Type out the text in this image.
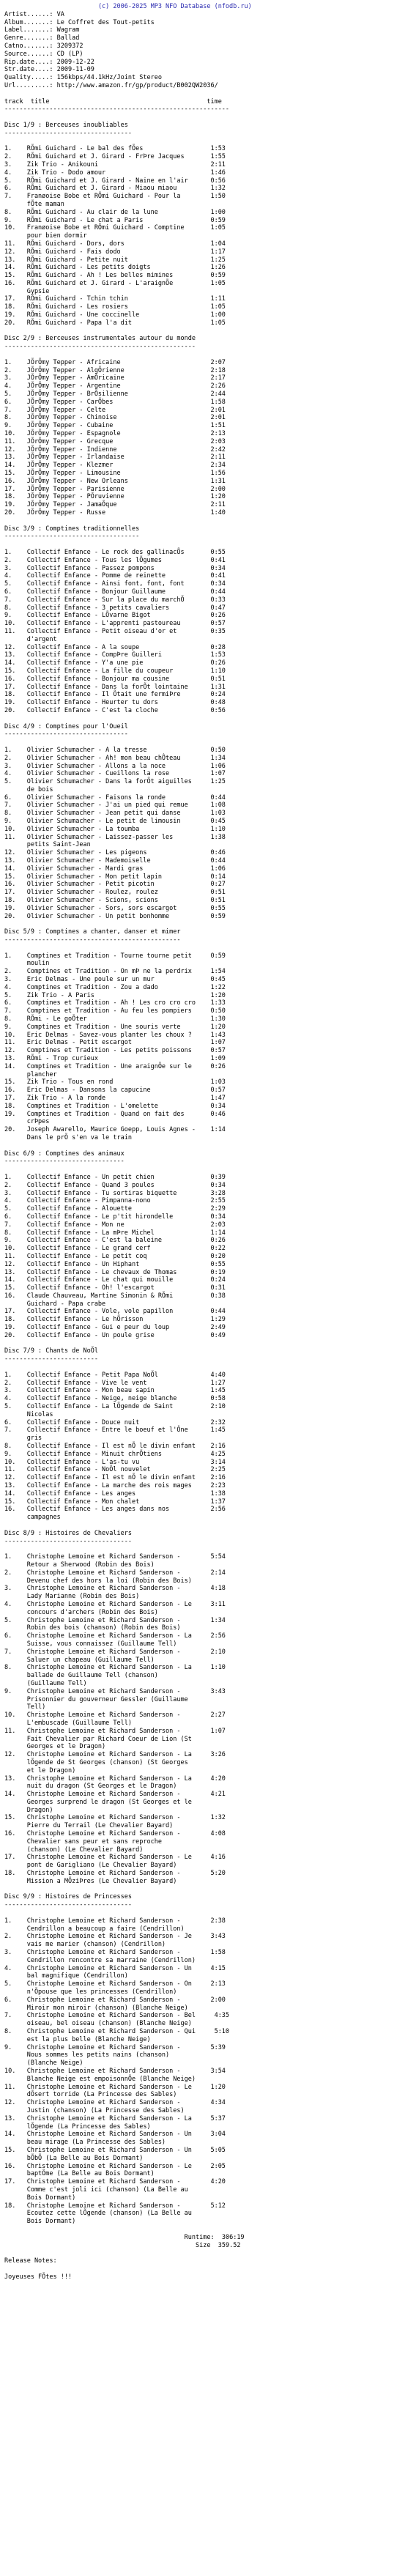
(c) 2006-2025 MP3 NFO Database (nfodb.ru)
Artist......: VA
Album.......: Le Coffret des Tout-petits
Label.......: Wagram
Genre.......: Ballad
Catno.......: 3209372
Source......: CD (LP)
Rip.date....: 2009-12-22
Str.date....: 2009-11-09
Quality.....: 156kbps/44.1kHz/Joint Stereo
Url.........: http://www.amazon.fr/gp/product/B002QW2036/

track title	time
------------------------------------------------------------

Disc 1/9 : Berceuses inoubliables
----------------------------------

1.    RÕmi Guichard - Le bal des fÕes                  1:53
2.    RÕmi Guichard et J. Girard - FrÞre Jacques       1:55
3.    Zik Trio - Anikouni                              2:11
4.    Zik Trio - Dodo amour                            1:46
5.    RÕmi Guichard et J. Girard - Naine en l'air      0:56
6.    RÕmi Guichard et J. Girard - Miaou miaou         1:32
7.    Franøoise Bobe et RÕmi Guichard - Pour la        1:50
fÕte maman
8.    RÕmi Guichard - Au clair de la lune              1:00
9.    RÕmi Guichard - Le chat a Paris                  0:59
10.   Franøoise Bobe et RÕmi Guichard - Comptine       1:05
pour bien dormir
11.   RÕmi Guichard - Dors, dors                       1:04
12.   RÕmi Guichard - Fais dodo                        1:17
13.   RÕmi Guichard - Petite nuit                      1:25
14.   RÕmi Guichard - Les petits doigts                1:26
15.   RÕmi Guichard - Ah ! Les belles mimines          0:59
16.   RÕmi Guichard et J. Girard - L'araignÕe          1:05
Gypsie
17.   RÕmi Guichard - Tchin tchin                      1:11
18.   RÕmi Guichard - Les rosiers                      1:05
19.   RÕmi Guichard - Une coccinelle                   1:00
20.   RÕmi Guichard - Papa l'a dit                     1:05

Disc 2/9 : Berceuses instrumentales autour du monde
---------------------------------------------------

1.    JÕrÕmy Tepper - Africaine                        2:07
2.    JÕrÕmy Tepper - AlgÕrienne                       2:18
3.    JÕrÕmy Tepper - AmÕricaine                       2:17
4.    JÕrÕmy Tepper - Argentine                        2:26
5.    JÕrÕmy Tepper - BrÕsilienne                      2:44
6.    JÕrÕmy Tepper - CarÕbes                          1:58
7.    JÕrÕmy Tepper - Celte                            2:01
8.    JÕrÕmy Tepper - Chinoise                         2:01
9.    JÕrÕmy Tepper - Cubaine                          1:51
10.   JÕrÕmy Tepper - Espagnole                        2:13
11.   JÕrÕmy Tepper - Grecque                          2:03
12.   JÕrÕmy Tepper - Indienne                         2:42
13.   JÕrÕmy Tepper - Irlandaise                       2:11
14.   JÕrÕmy Tepper - Klezmer                          2:34
15.   JÕrÕmy Tepper - Limousine                        1:56
16.   JÕrÕmy Tepper - New Orleans                      1:31
17.   JÕrÕmy Tepper - Parisienne                       2:00
18.   JÕrÕmy Tepper - PÕruvienne                       1:20
19.   JÕrÕmy Tepper - JamaÕque                         2:11
20.   JÕrÕmy Tepper - Russe                            1:40

Disc 3/9 : Comptines traditionnelles
------------------------------------

1.    Collectif Enfance - Le rock des gallinacÕs       0:55
2.    Collectif Enfance - Tous les lÕgumes             0:41
3.    Collectif Enfance - Passez pompons               0:34
4.    Collectif Enfance - Pomme de reinette            0:41
5.    Collectif Enfance - Ainsi font, font, font       0:34
6.    Collectif Enfance - Bonjour Guillaume            0:44
7.    Collectif Enfance - Sur la place du marchÕ       0:33
8.    Collectif Enfance - 3 petits cavaliers           0:47
9.    Collectif Enfance - LÕvarne Bigot                0:26
10.   Collectif Enfance - L'apprenti pastoureau        0:57
11.   Collectif Enfance - Petit oiseau d'or et         0:35
d'argent
12.   Collectif Enfance - A la soupe                   0:28
13.   Collectif Enfance - CompÞre Guilleri             1:53
14.   Collectif Enfance - Y'a une pie                  0:26
15.   Collectif Enfance - La fille du coupeur          1:10
16.   Collectif Enfance - Bonjour ma cousine           0:51
17.   Collectif Enfance - Dans la forÕt lointaine      1:31
18.   Collectif Enfance - Il Õtait une fermiÞre        0:24
19.   Collectif Enfance - Heurter tu dors              0:48
20.   Collectif Enfance - C'est la cloche              0:56

Disc 4/9 : Comptines pour l'Oueil
---------------------------------

1.    Olivier Schumacher - A la tresse                 0:50
2.    Olivier Schumacher - Ah! mon beau chÔteau        1:34
3.    Olivier Schumacher - Allons a la noce            1:06
4.    Olivier Schumacher - Cueillons la rose           1:07
5.    Olivier Schumacher - Dans la forÕt aiguilles     1:25
de bois
6.    Olivier Schumacher - Faisons la ronde            0:44
7.    Olivier Schumacher - J'ai un pied qui remue      1:08
8.    Olivier Schumacher - Jean petit qui danse        1:03
9.    Olivier Schumacher - Le petit de limousin        0:45
10.   Olivier Schumacher - La toumba                   1:10
11.   Olivier Schumacher - Laissez-passer les          1:38
petits Saint-Jean
12.   Olivier Schumacher - Les pigeons                 0:46
13.   Olivier Schumacher - Mademoiselle                0:44
14.   Olivier Schumacher - Mardi gras                  1:06
15.   Olivier Schumacher - Mon petit lapin             0:14
16.   Olivier Schumacher - Petit picotin               0:27
17.   Olivier Schumacher - Roulez, roulez              0:51
18.   Olivier Schumacher - Scions, scions              0:51
19.   Olivier Schumacher - Sors, sors escargot         0:55
20.   Olivier Schumacher - Un petit bonhomme           0:59

Disc 5/9 : Comptines a chanter, danser et mimer
-----------------------------------------------

1.    Comptines et Tradition - Tourne tourne petit     0:59
moulin
2.    Comptines et Tradition - On mÞ ne la perdrix     1:54
3.    Eric Delmas - Une poule sur un mur               0:45
4.    Comptines et Tradition - Zou a dado              1:22
5.    Zik Trio - A Paris                               1:20
6.    Comptines et Tradition - Ah ! Les cro cro cro    1:33
7.    Comptines et Tradition - Au feu les pompiers     0:50
8.    RÕmi - Le goÕter                                 1:30
9.    Comptines et Tradition - Une souris verte        1:20
10.   Eric Delmas - Savez-vous planter les choux ?     1:43
11.   Eric Delmas - Petit escargot                     1:07
12.   Comptines et Tradition - Les petits poissons     0:57
13.   RÕmi - Trop curieux                              1:09
14.   Comptines et Tradition - Une araignÕe sur le     0:26
plancher
15.   Zik Trio - Tous en rond                          1:03
16.   Eric Delmas - Dansons la capucine                0:57
17.   Zik Trio - A la ronde                            1:47
18.   Comptines et Tradition - L'omelette              0:34
19.   Comptines et Tradition - Quand on fait des       0:46
crÞpes
20.   Joseph Awarello, Maurice Goepp, Louis Agnes -    1:14
Dans le prÕ s'en va le train

Disc 6/9 : Comptines des animaux
--------------------------------

1.    Collectif Enfance - Un petit chien               0:39
2.    Collectif Enfance - Quand 3 poules               0:34
3.    Collectif Enfance - Tu sortiras biquette         3:28
4.    Collectif Enfance - Pimpanna-nono                2:55
5.    Collectif Enfance - Alouette                     2:29
6.    Collectif Enfance - Le p'tit hirondelle          0:34
7.    Collectif Enfance - Mon ne                       2:03
8.    Collectif Enfance - La mÞre Michel               1:14
9.    Collectif Enfance - C'est la baleine             0:26
10.   Collectif Enfance - Le grand cerf                0:22
11.   Collectif Enfance - Le petit coq                 0:20
12.   Collectif Enfance - Un Hiphant                   0:55
13.   Collectif Enfance - Le chevaux de Thomas         0:19
14.   Collectif Enfance - Le chat qui mouille          0:24
15.   Collectif Enfance - Oh! l'escargot               0:31
16.   Claude Chauveau, Martine Simonin & RÕmi          0:38
Guichard - Papa crabe
17.   Collectif Enfance - Vole, vole papillon          0:44
18.   Collectif Enfance - Le hÕrisson                  1:29
19.   Collectif Enfance - Gui e peur du loup           2:49
20.   Collectif Enfance - Un poule grise               0:49

Disc 7/9 : Chants de NoÕl
-------------------------

1.    Collectif Enfance - Petit Papa NoÕl              4:40
2.    Collectif Enfance - Vive le vent                 1:27
3.    Collectif Enfance - Mon beau sapin               1:45
4.    Collectif Enfance - Neige, neige blanche         0:58
5.    Collectif Enfance - La lÕgende de Saint          2:10
Nicolas
6.    Collectif Enfance - Douce nuit                   2:32
7.    Collectif Enfance - Entre le boeuf et l'Ône      1:45
gris
8.    Collectif Enfance - Il est nÕ le divin enfant    2:16
9.    Collectif Enfance - Minuit chrÕtiens             4:25
10.   Collectif Enfance - L'as-tu vu                   3:14
11.   Collectif Enfance - NoÕl nouvelet                2:25
12.   Collectif Enfance - Il est nÕ le divin enfant    2:16
13.   Collectif Enfance - La marche des rois mages     2:23
14.   Collectif Enfance - Les anges                    1:38
15.   Collectif Enfance - Mon chalet                   1:37
16.   Collectif Enfance - Les anges dans nos           2:56
campagnes

Disc 8/9 : Histoires de Chevaliers
----------------------------------

1.    Christophe Lemoine et Richard Sanderson -        5:54
Retour a Sherwood (Robin des Bois)
2.    Christophe Lemoine et Richard Sanderson -        2:14
Devenu chef des hors la loi (Robin des Bois)
3.    Christophe Lemoine et Richard Sanderson -        4:18
Lady Marianne (Robin des Bois)
4.    Christophe Lemoine et Richard Sanderson - Le     3:11
concours d'archers (Robin des Bois)
5.    Christophe Lemoine et Richard Sanderson -        1:34
Robin des bois (chanson) (Robin des Bois)
6.    Christophe Lemoine et Richard Sanderson - La     2:56
Suisse, vous connaissez (Guillaume Tell)
7.    Christophe Lemoine et Richard Sanderson -        2:10
Saluer un chapeau (Guillaume Tell)
8.    Christophe Lemoine et Richard Sanderson - La     1:10
ballade de Guillaume Tell (chanson)
(Guillaume Tell)
9.    Christophe Lemoine et Richard Sanderson -        3:43
Prisonnier du gouverneur Gessler (Guillaume
Tell)
10.   Christophe Lemoine et Richard Sanderson -        2:27
L'embuscade (Guillaume Tell)
11.   Christophe Lemoine et Richard Sanderson -        1:07
Fait Chevalier par Richard Coeur de Lion (St
Georges et le Dragon)
12.   Christophe Lemoine et Richard Sanderson - La     3:26
lÕgende de St Georges (chanson) (St Georges
et le Dragon)
13.   Christophe Lemoine et Richard Sanderson - La     4:20
nuit du dragon (St Georges et le Dragon)
14.   Christophe Lemoine et Richard Sanderson -        4:21
Georges surprend le dragon (St Georges et le
Dragon)
15.   Christophe Lemoine et Richard Sanderson -        1:32
Pierre du Terrail (Le Chevalier Bayard)
16.   Christophe Lemoine et Richard Sanderson -        4:08
Chevalier sans peur et sans reproche
(chanson) (Le Chevalier Bayard)
17.   Christophe Lemoine et Richard Sanderson - Le     4:16
pont de Garigliano (Le Chevalier Bayard)
18.   Christophe Lemoine et Richard Sanderson -        5:20
Mission a MÕziÞres (Le Chevalier Bayard)

Disc 9/9 : Histoires de Princesses
----------------------------------

1.    Christophe Lemoine et Richard Sanderson -        2:38
Cendrillon a beaucoup a faire (Cendrillon)
2.    Christophe Lemoine et Richard Sanderson - Je     3:43
vais me marier (chanson) (Cendrillon)
3.    Christophe Lemoine et Richard Sanderson -        1:58
Cendrillon rencontre sa marraine (Cendrillon)
4.    Christophe Lemoine et Richard Sanderson - Un     4:15
bal magnifique (Cendrillon)
5.    Christophe Lemoine et Richard Sanderson - On     2:13
n'Õpouse que les princesses (Cendrillon)
6.    Christophe Lemoine et Richard Sanderson -        2:00
Miroir mon miroir (chanson) (Blanche Neige)
7.    Christophe Lemoine et Richard Sanderson - Bel     4:35
oiseau, bel oiseau (chanson) (Blanche Neige)
8.    Christophe Lemoine et Richard Sanderson - Qui     5:10
est la plus belle (Blanche Neige)
9.    Christophe Lemoine et Richard Sanderson -        5:39
Nous sommes les petits nains (chanson)
(Blanche Neige)
10.   Christophe Lemoine et Richard Sanderson -        3:54
Blanche Neige est empoisonnÕe (Blanche Neige)
11.   Christophe Lemoine et Richard Sanderson - Le     1:20
dÕsert torride (La Princesse des Sables)
12.   Christophe Lemoine et Richard Sanderson -        4:34
Justin (chanson) (La Princesse des Sables)
13.   Christophe Lemoine et Richard Sanderson - La     5:37
lÕgende (La Princesse des Sables)
14.   Christophe Lemoine et Richard Sanderson - Un     3:04
beau mirage (La Princesse des Sables)
15.   Christophe Lemoine et Richard Sanderson - Un     5:05
bÕbÕ (La Belle au Bois Dormant)
16.   Christophe Lemoine et Richard Sanderson - Le     2:05
baptÕme (La Belle au Bois Dormant)
17.   Christophe Lemoine et Richard Sanderson -        4:20
Comme c'est joli ici (chanson) (La Belle au
Bois Dormant)
18.   Christophe Lemoine et Richard Sanderson -        5:12
Ecoutez cette lÕgende (chanson) (La Belle au
Bois Dormant)

Runtime: 306:19
Size 359.52

Release Notes:

Joyeuses FÕtes !!!
